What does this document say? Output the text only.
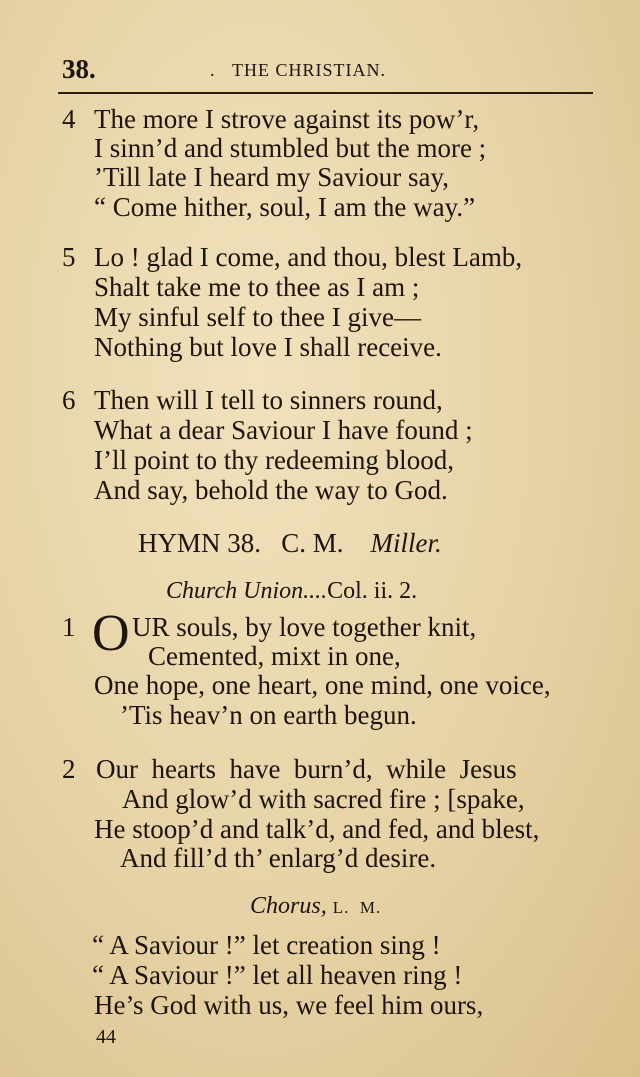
38.	. THE CHRISTIAN.
4 The more I strove against its pow’r,
I sinn’d and stumbled but the more ;
’Till late I heard my Saviour say,
“ Come hither, soul, I am the way.”
5 Lo ! glad I come, and thou, blest Lamb,
Shalt take me to thee as I am ;
My sinful self to thee I give—
Nothing but love I shall receive.
6 Then will I tell to sinners round,
What a dear Saviour I have found ;
I’ll point to thy redeeming blood,
And say, behold the way to God.
HYMN 38.   C. M. Miller.
Church Union....Col. ii. 2.
1 O UR souls, by love together knit,
Cemented, mixt in one,
One hope, one heart, one mind, one voice,
’Tis heav’n on earth begun.
2 Our  hearts  have  burn’d,  while  Jesus
And glow’d with sacred fire ; [spake,
He stoop’d and talk’d, and fed, and blest,
And fill’d th’ enlarg’d desire.
Chorus, L.  M.
“ A Saviour !” let creation sing !
“ A Saviour !” let all heaven ring !
He’s God with us, we feel him ours,
44
